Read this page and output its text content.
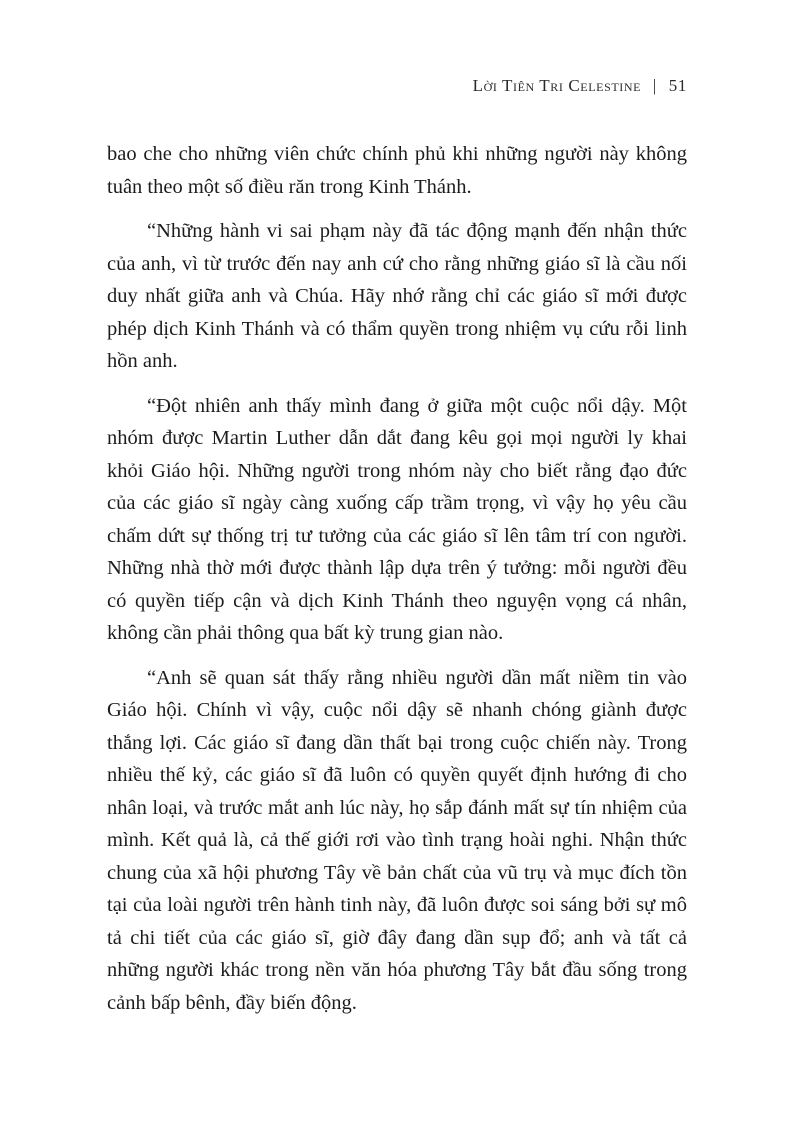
Lời Tiên Tri Celestine | 51

bao che cho những viên chức chính phủ khi những người này không tuân theo một số điều răn trong Kinh Thánh.

“Những hành vi sai phạm này đã tác động mạnh đến nhận thức của anh, vì từ trước đến nay anh cứ cho rằng những giáo sĩ là cầu nối duy nhất giữa anh và Chúa. Hãy nhớ rằng chỉ các giáo sĩ mới được phép dịch Kinh Thánh và có thẩm quyền trong nhiệm vụ cứu rỗi linh hồn anh.

“Đột nhiên anh thấy mình đang ở giữa một cuộc nổi dậy. Một nhóm được Martin Luther dẫn dắt đang kêu gọi mọi người ly khai khỏi Giáo hội. Những người trong nhóm này cho biết rằng đạo đức của các giáo sĩ ngày càng xuống cấp trầm trọng, vì vậy họ yêu cầu chấm dứt sự thống trị tư tưởng của các giáo sĩ lên tâm trí con người. Những nhà thờ mới được thành lập dựa trên ý tưởng: mỗi người đều có quyền tiếp cận và dịch Kinh Thánh theo nguyện vọng cá nhân, không cần phải thông qua bất kỳ trung gian nào.

“Anh sẽ quan sát thấy rằng nhiều người dần mất niềm tin vào Giáo hội. Chính vì vậy, cuộc nổi dậy sẽ nhanh chóng giành được thắng lợi. Các giáo sĩ đang dần thất bại trong cuộc chiến này. Trong nhiều thế kỷ, các giáo sĩ đã luôn có quyền quyết định hướng đi cho nhân loại, và trước mắt anh lúc này, họ sắp đánh mất sự tín nhiệm của mình. Kết quả là, cả thế giới rơi vào tình trạng hoài nghi. Nhận thức chung của xã hội phương Tây về bản chất của vũ trụ và mục đích tồn tại của loài người trên hành tinh này, đã luôn được soi sáng bởi sự mô tả chi tiết của các giáo sĩ, giờ đây đang dần sụp đổ; anh và tất cả những người khác trong nền văn hóa phương Tây bắt đầu sống trong cảnh bấp bênh, đầy biến động.
